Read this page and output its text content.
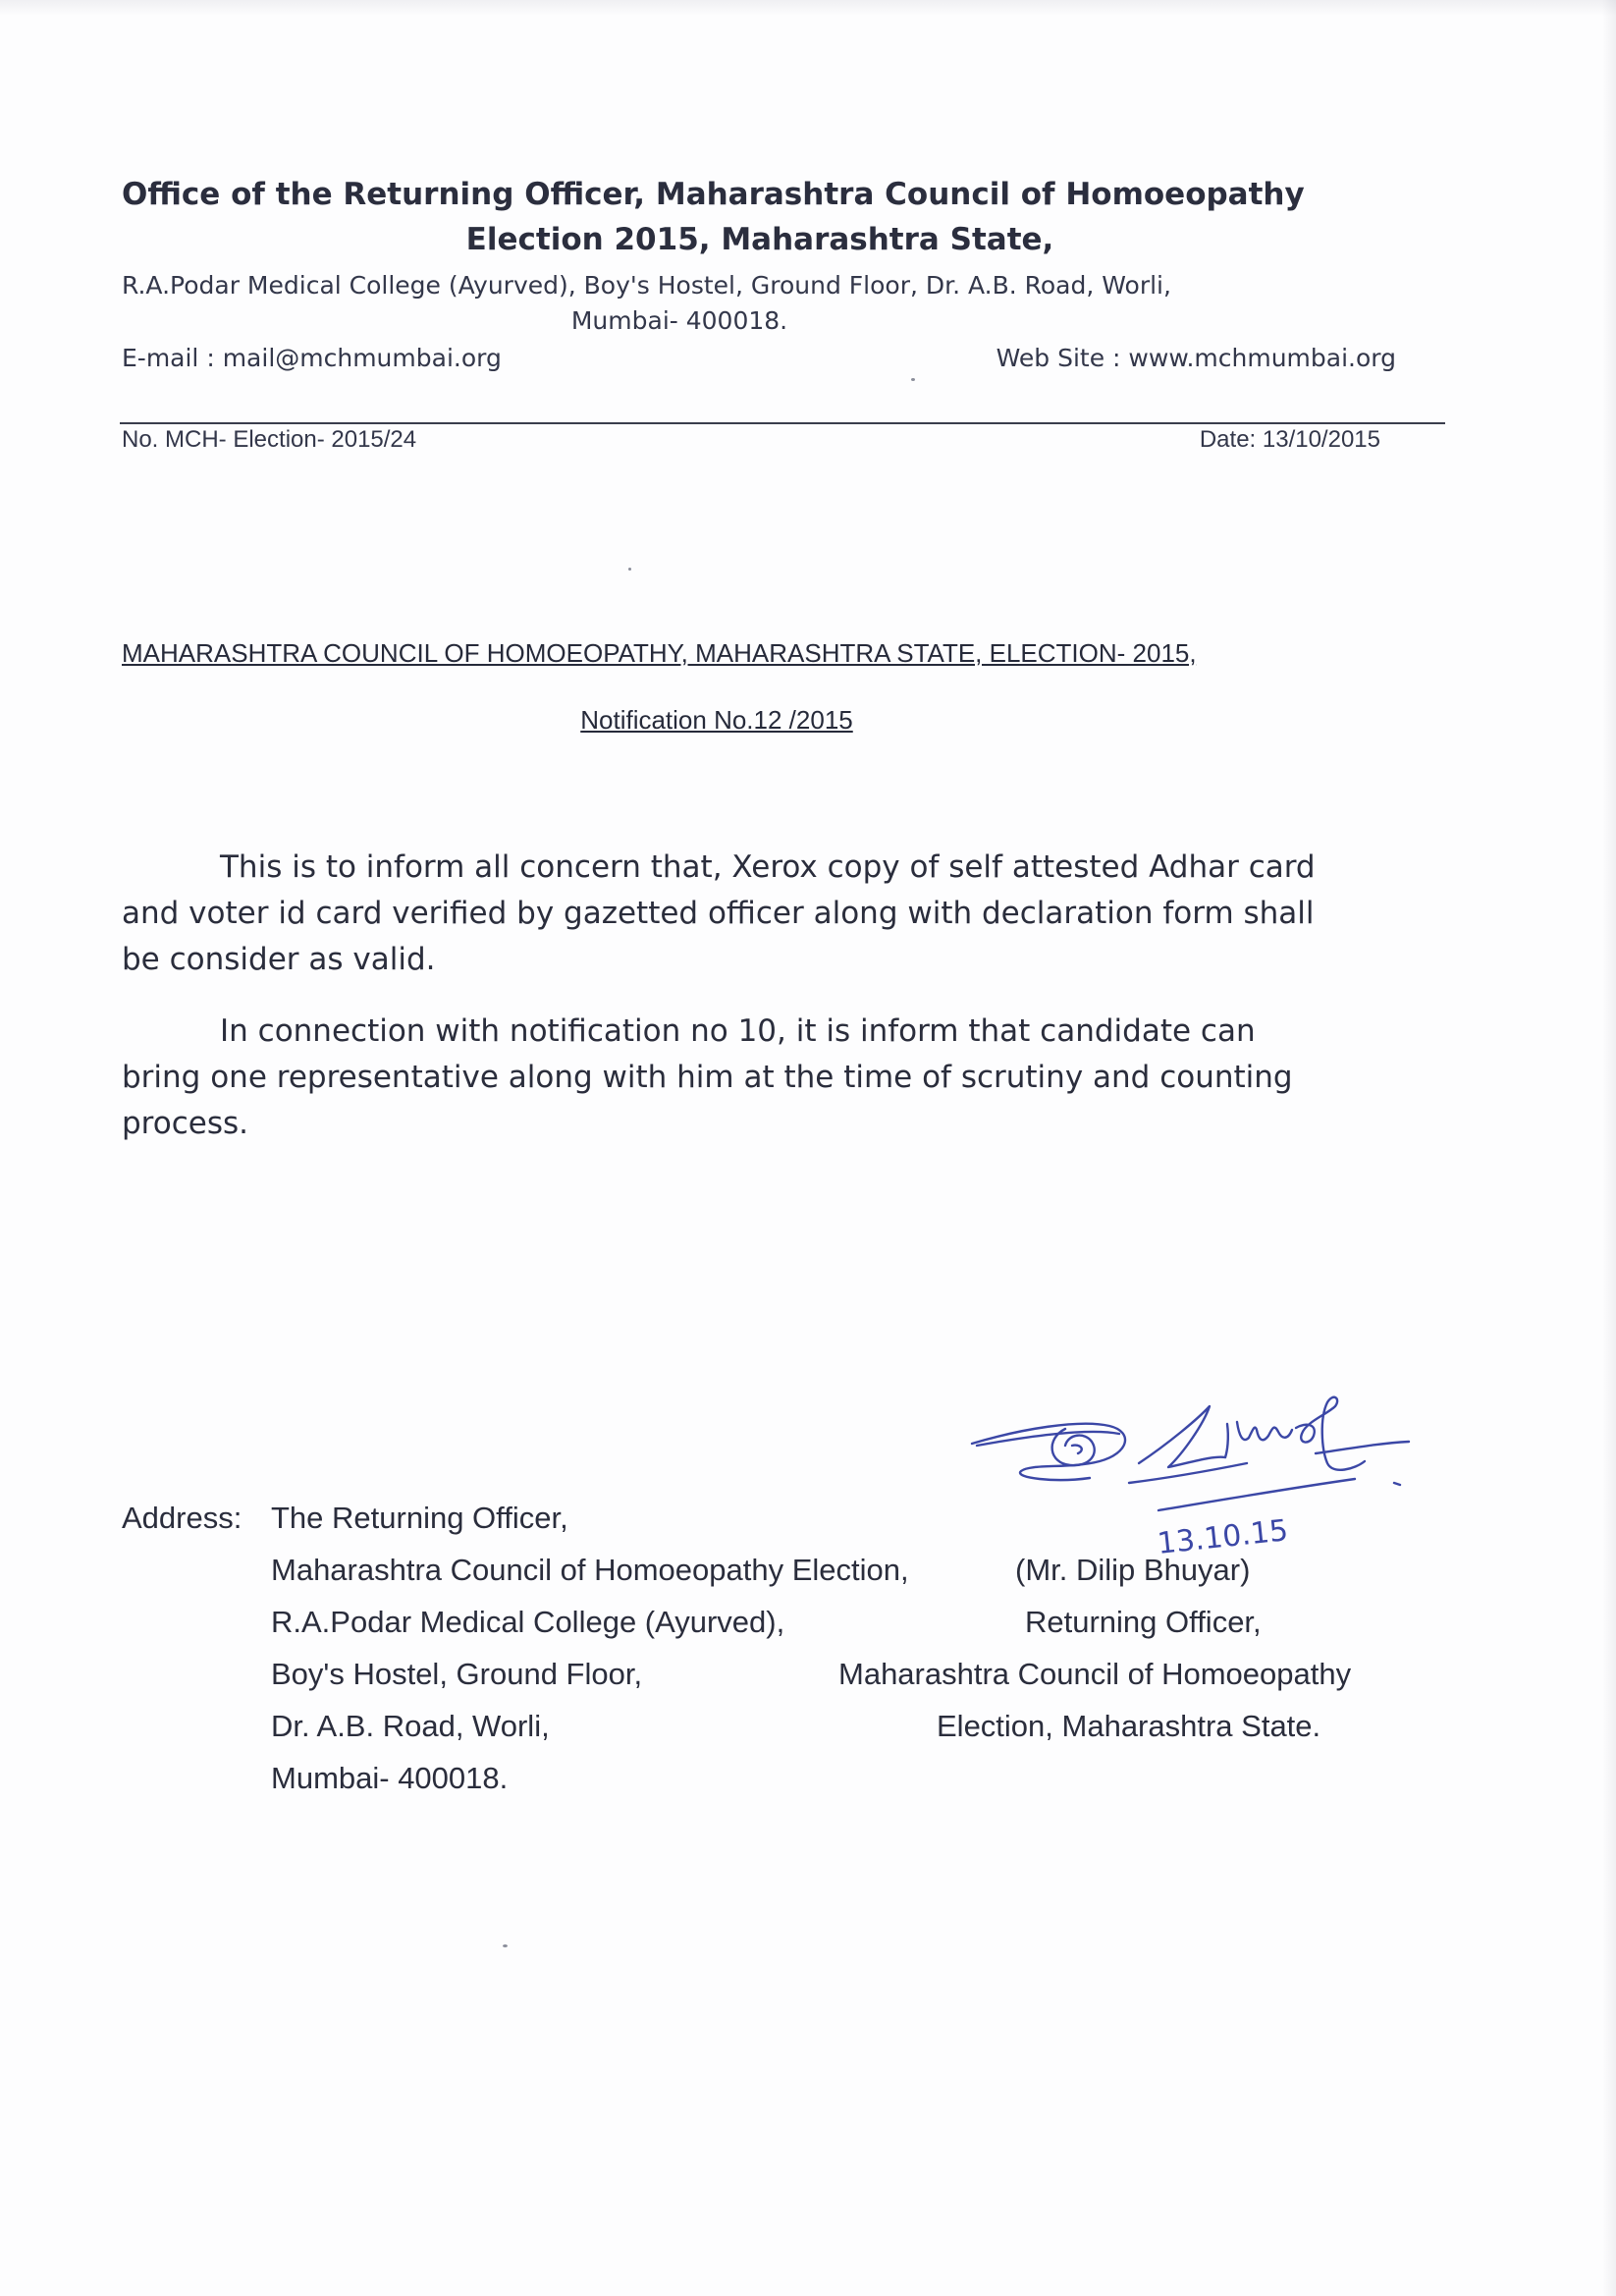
Office of the Returning Officer, Maharashtra Council of Homoeopathy
Election 2015, Maharashtra State,
R.A.Podar Medical College (Ayurved), Boy's Hostel, Ground Floor, Dr. A.B. Road, Worli,
Mumbai- 400018.
E-mail : mail@mchmumbai.org	Web Site : www.mchmumbai.org
No. MCH- Election- 2015/24	Date: 13/10/2015
MAHARASHTRA COUNCIL OF HOMOEOPATHY, MAHARASHTRA STATE, ELECTION- 2015,
Notification No.12 /2015
This is to inform all concern that, Xerox copy of self attested Adhar card
and voter id card verified by gazetted officer along with declaration form shall
be consider as valid.
In connection with notification no 10, it is inform that candidate can
bring one representative along with him at the time of scrutiny and counting
process.
13.10.15
Address: The Returning Officer,
Maharashtra Council of Homoeopathy Election,
R.A.Podar Medical College (Ayurved),
Boy's Hostel, Ground Floor,
Dr. A.B. Road, Worli,
Mumbai- 400018.
(Mr. Dilip Bhuyar)
Returning Officer,
Maharashtra Council of Homoeopathy
Election, Maharashtra State.
